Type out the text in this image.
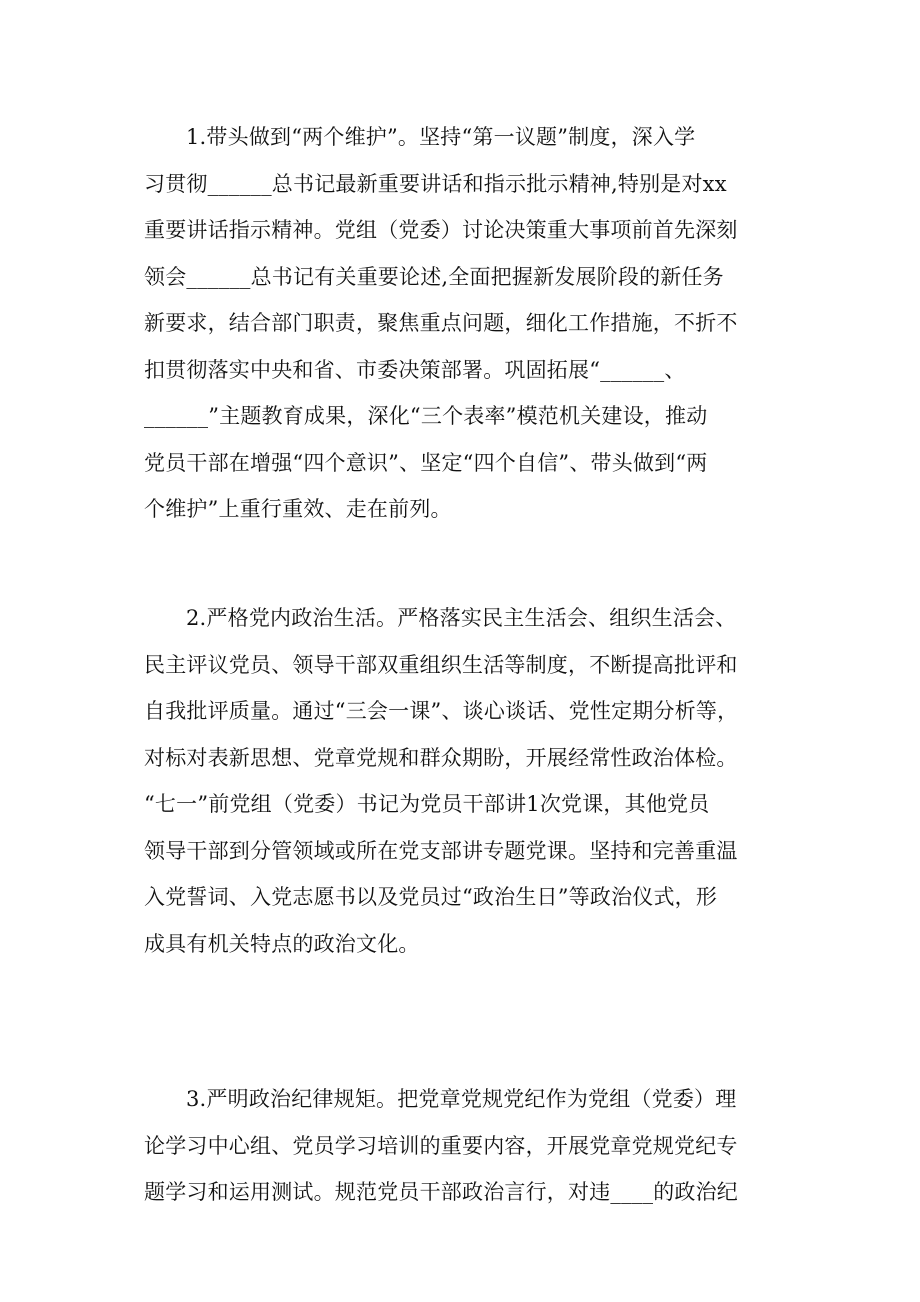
1.带头做到“两个维护”。坚持“第一议题”制度，深入学
习贯彻______总书记最新重要讲话和指示批示精神,特别是对xx
重要讲话指示精神。党组（党委）讨论决策重大事项前首先深刻
领会______总书记有关重要论述,全面把握新发展阶段的新任务
新要求，结合部门职责，聚焦重点问题，细化工作措施，不折不
扣贯彻落实中央和省、市委决策部署。巩固拓展“______、
______”主题教育成果，深化“三个表率”模范机关建设，推动
党员干部在增强“四个意识”、坚定“四个自信”、带头做到“两
个维护”上重行重效、走在前列。
2.严格党内政治生活。严格落实民主生活会、组织生活会、
民主评议党员、领导干部双重组织生活等制度，不断提高批评和
自我批评质量。通过“三会一课”、谈心谈话、党性定期分析等，
对标对表新思想、党章党规和群众期盼，开展经常性政治体检。
“七一”前党组（党委）书记为党员干部讲1次党课，其他党员
领导干部到分管领域或所在党支部讲专题党课。坚持和完善重温
入党誓词、入党志愿书以及党员过“政治生日”等政治仪式，形
成具有机关特点的政治文化。
3.严明政治纪律规矩。把党章党规党纪作为党组（党委）理
论学习中心组、党员学习培训的重要内容，开展党章党规党纪专
题学习和运用测试。规范党员干部政治言行，对违____的政治纪
